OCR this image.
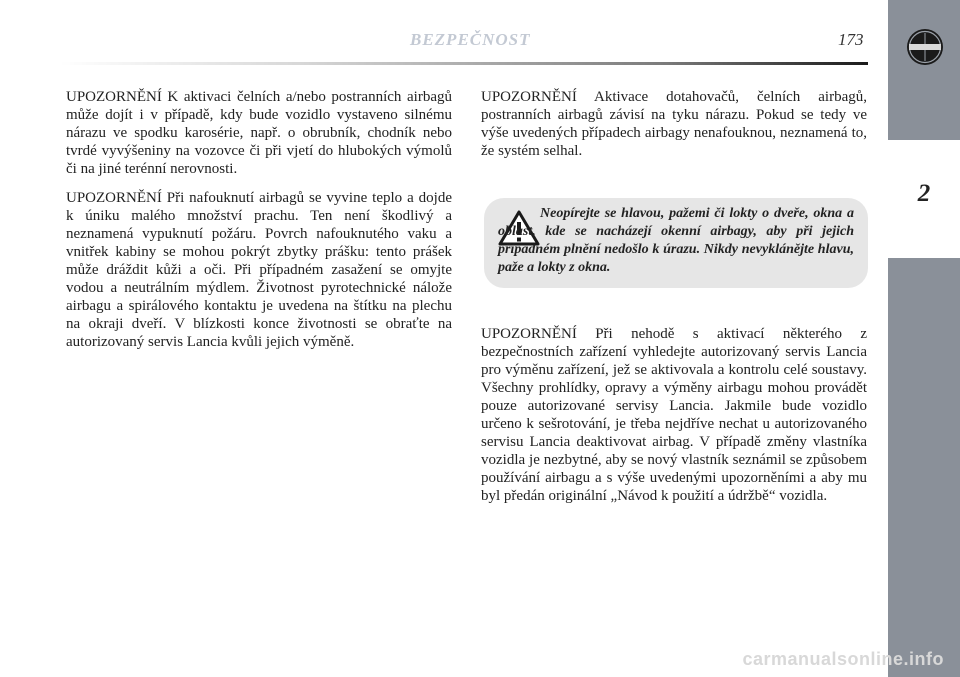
BEZPEČNOST	173
2

UPOZORNĚNÍ K aktivaci čelních a/nebo postranních airbagů může dojít i v případě, kdy bude vozidlo vystaveno silnému nárazu ve spodku karosérie, např. o obrubník, chodník nebo tvrdé vyvýšeniny na vozovce či při vjetí do hlubokých výmolů či na jiné terénní nerovnosti.

UPOZORNĚNÍ Při nafouknutí airbagů se vyvine teplo a dojde k úniku malého množství prachu. Ten není škodlivý a neznamená vypuknutí požáru. Povrch nafouknutého vaku a vnitřek kabiny se mohou pokrýt zbytky prášku: tento prášek může dráždit kůži a oči. Při případném zasažení se omyjte vodou a neutrálním mýdlem. Životnost pyrotechnické nálože airbagu a spirálového kontaktu je uvedena na štítku na plechu na okraji dveří. V blízkosti konce životnosti se obraťte na autorizovaný servis Lancia kvůli jejich výměně.

UPOZORNĚNÍ Aktivace dotahovačů, čelních airbagů, postranních airbagů závisí na tyku nárazu. Pokud se tedy ve výše uvedených případech airbagy nenafouknou, neznamená to, že systém selhal.

Neopírejte se hlavou, pažemi či lokty o dveře, okna a oblast, kde se nacházejí okenní airbagy, aby při jejich případném plnění nedošlo k úrazu. Nikdy nevyklánějte hlavu, paže a lokty z okna.
UPOZORNĚNÍ Při nehodě s aktivací některého z bezpečnostních zařízení vyhledejte autorizovaný servis Lancia pro výměnu zařízení, jež se aktivovala a kontrolu celé soustavy. Všechny prohlídky, opravy a výměny airbagu mohou provádět pouze autorizované servisy Lancia. Jakmile bude vozidlo určeno k sešrotování, je třeba nejdříve nechat u autorizovaného servisu Lancia deaktivovat airbag. V případě změny vlastníka vozidla je nezbytné, aby se nový vlastník seznámil se způsobem používání airbagu a s výše uvedenými upozorněními a aby mu byl předán originální „Návod k použití a údržbě“ vozidla.
carmanualsonline.info
